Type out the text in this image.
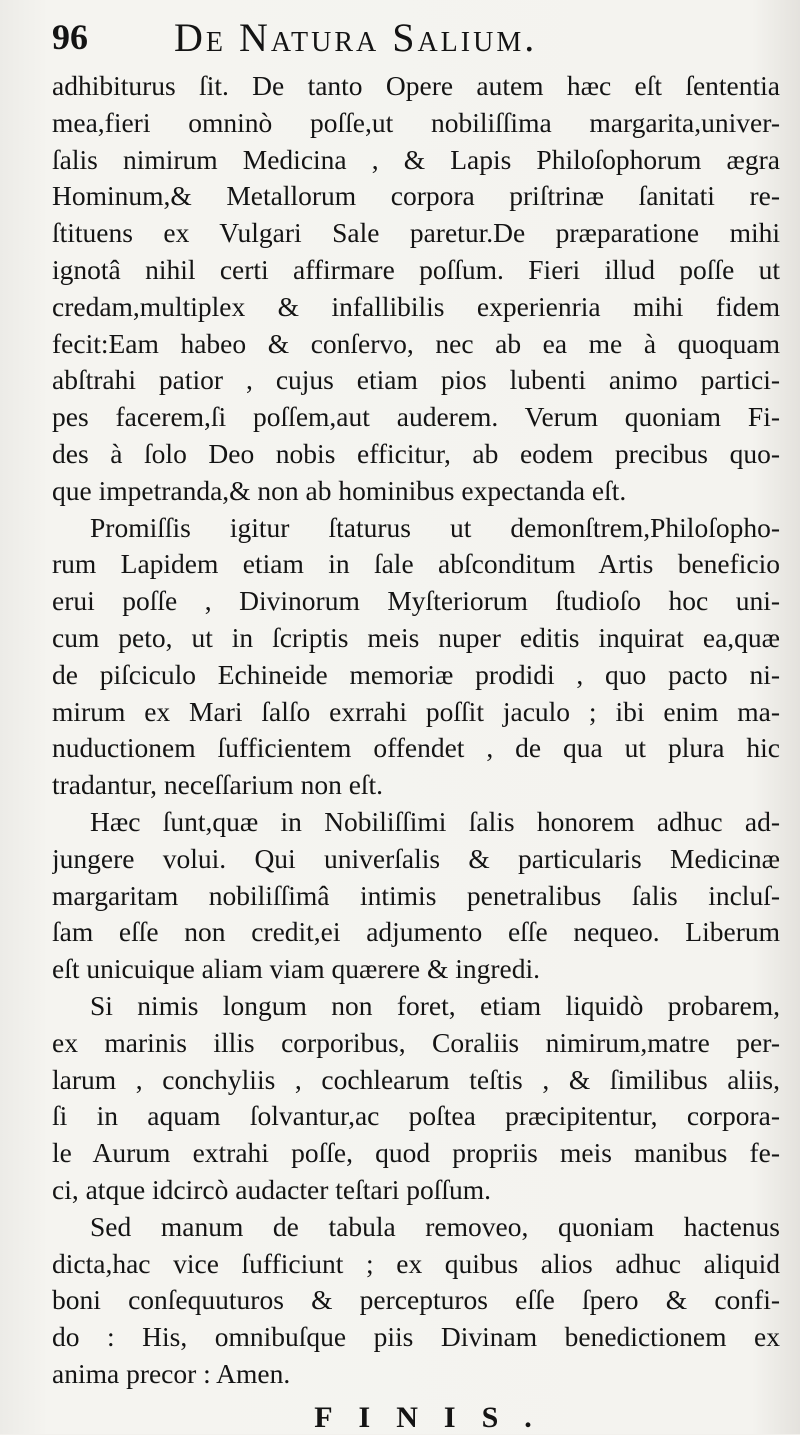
96 De Natura Salium.
adhibiturus ſit. De tanto Opere autem hæc eſt ſententia
mea,fieri omninò poſſe,ut nobiliſſima margarita,univer-
ſalis nimirum Medicina , & Lapis Philoſophorum ægra
Hominum,& Metallorum corpora priſtrinæ ſanitati re-
ſtituens ex Vulgari Sale paretur.De præparatione mihi
ignotâ nihil certi affirmare poſſum. Fieri illud poſſe ut
credam,multiplex & infallibilis experienria mihi fidem
fecit:Eam habeo & conſervo, nec ab ea me à quoquam
abſtrahi patior , cujus etiam pios lubenti animo partici-
pes facerem,ſi poſſem,aut auderem. Verum quoniam Fi-
des à ſolo Deo nobis efficitur, ab eodem precibus quo-
que impetranda,& non ab hominibus expectanda eſt.
Promiſſis igitur ſtaturus ut demonſtrem,Philoſopho-
rum Lapidem etiam in ſale abſconditum Artis beneficio
erui poſſe , Divinorum Myſteriorum ſtudioſo hoc uni-
cum peto, ut in ſcriptis meis nuper editis inquirat ea,quæ
de piſciculo Echineide memoriæ prodidi , quo pacto ni-
mirum ex Mari ſalſo exrrahi poſſit jaculo ; ibi enim ma-
nuductionem ſufficientem offendet , de qua ut plura hic
tradantur, neceſſarium non eſt.
Hæc ſunt,quæ in Nobiliſſimi ſalis honorem adhuc ad-
jungere volui. Qui univerſalis & particularis Medicinæ
margaritam nobiliſſimâ intimis penetralibus ſalis incluſ-
ſam eſſe non credit,ei adjumento eſſe nequeo. Liberum
eſt unicuique aliam viam quærere & ingredi.
Si nimis longum non foret, etiam liquidò probarem,
ex marinis illis corporibus, Coraliis nimirum,matre per-
larum , conchyliis , cochlearum teſtis , & ſimilibus aliis,
ſi in aquam ſolvantur,ac poſtea præcipitentur, corpora-
le Aurum extrahi poſſe, quod propriis meis manibus fe-
ci, atque idcircò audacter teſtari poſſum.
Sed manum de tabula removeo, quoniam hactenus
dicta,hac vice ſufficiunt ; ex quibus alios adhuc aliquid
boni conſequuturos & percepturos eſſe ſpero & confi-
do : His, omnibuſque piis Divinam benedictionem ex
anima precor : Amen.
FINIS.
